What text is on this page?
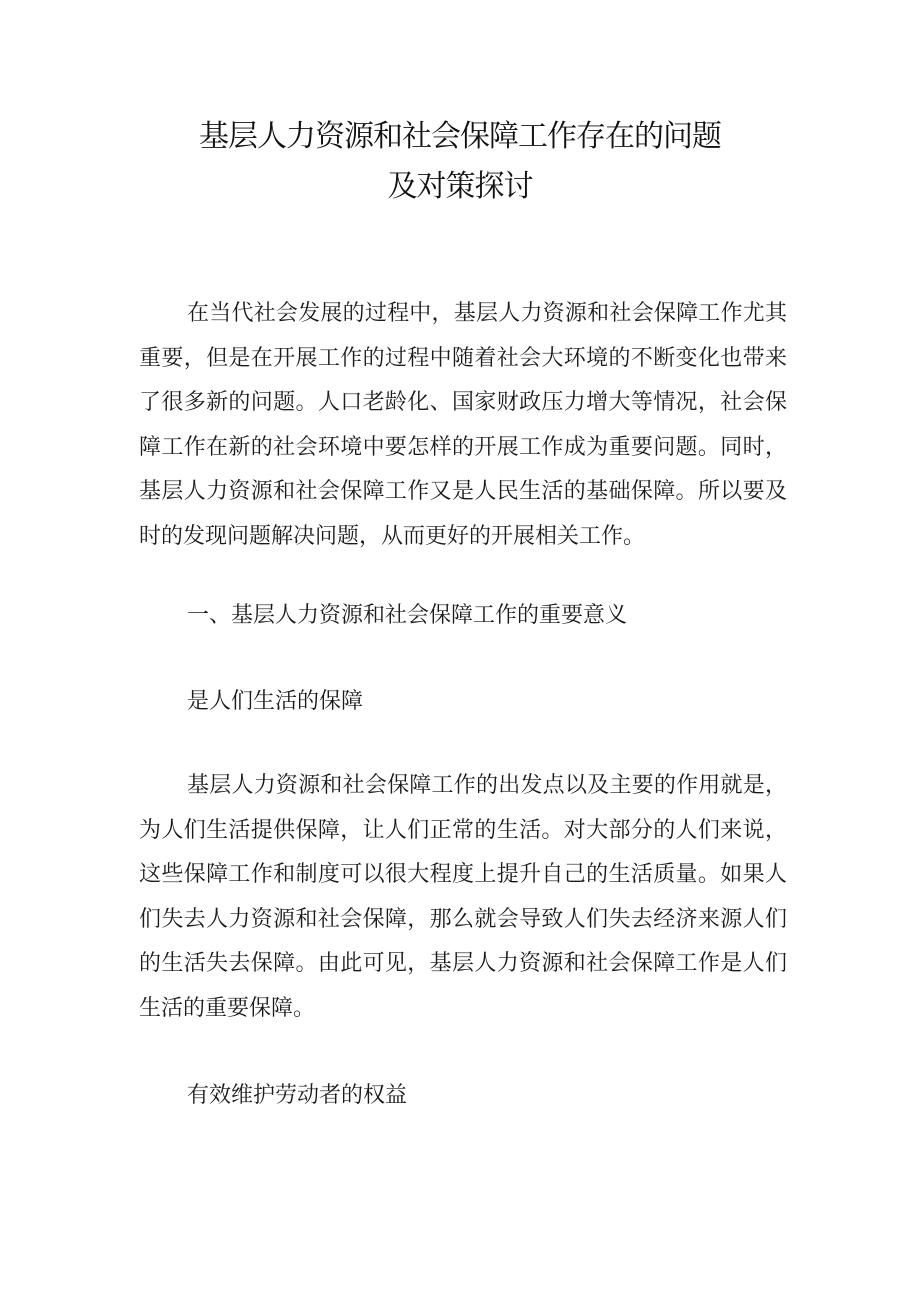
基层人力资源和社会保障工作存在的问题
及对策探讨

在当代社会发展的过程中，基层人力资源和社会保障工作尤其重要，但是在开展工作的过程中随着社会大环境的不断变化也带来了很多新的问题。人口老龄化、国家财政压力增大等情况，社会保障工作在新的社会环境中要怎样的开展工作成为重要问题。同时，基层人力资源和社会保障工作又是人民生活的基础保障。所以要及时的发现问题解决问题，从而更好的开展相关工作。

一、基层人力资源和社会保障工作的重要意义
是人们生活的保障

基层人力资源和社会保障工作的出发点以及主要的作用就是，为人们生活提供保障，让人们正常的生活。对大部分的人们来说，这些保障工作和制度可以很大程度上提升自己的生活质量。如果人们失去人力资源和社会保障，那么就会导致人们失去经济来源人们的生活失去保障。由此可见，基层人力资源和社会保障工作是人们生活的重要保障。

有效维护劳动者的权益
